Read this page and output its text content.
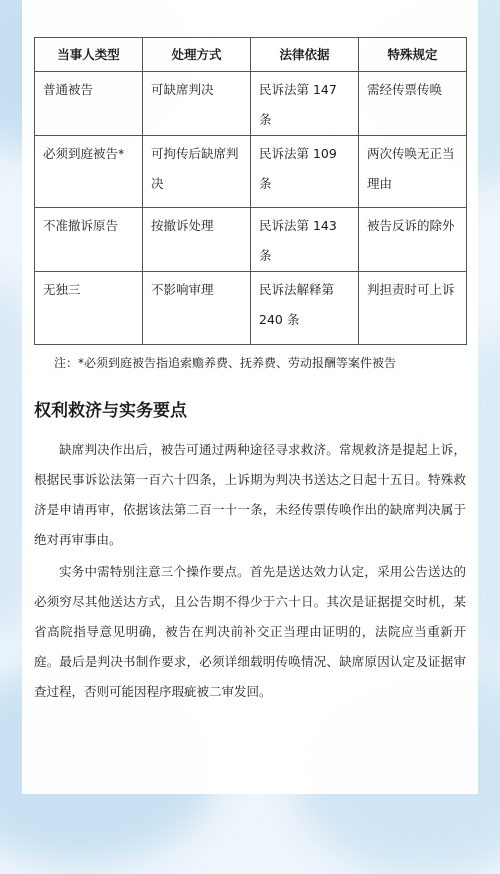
当事人类型	处理方式	法律依据	特殊规定
普通被告	可缺席判决	民诉法第 147 条	需经传票传唤
必须到庭被告*	可拘传后缺席判决	民诉法第 109 条	两次传唤无正当理由
不准撤诉原告	按撤诉处理	民诉法第 143 条	被告反诉的除外
无独三	不影响审理	民诉法解释第 240 条	判担责时可上诉
注：*必须到庭被告指追索赡养费、抚养费、劳动报酬等案件被告
权利救济与实务要点

缺席判决作出后，被告可通过两种途径寻求救济。常规救济是提起上诉，根据民事诉讼法第一百六十四条，上诉期为判决书送达之日起十五日。特殊救济是申请再审，依据该法第二百一十一条，未经传票传唤作出的缺席判决属于绝对再审事由。

实务中需特别注意三个操作要点。首先是送达效力认定，采用公告送达的必须穷尽其他送达方式，且公告期不得少于六十日。其次是证据提交时机，某省高院指导意见明确，被告在判决前补交正当理由证明的，法院应当重新开庭。最后是判决书制作要求，必须详细载明传唤情况、缺席原因认定及证据审查过程，否则可能因程序瑕疵被二审发回。
